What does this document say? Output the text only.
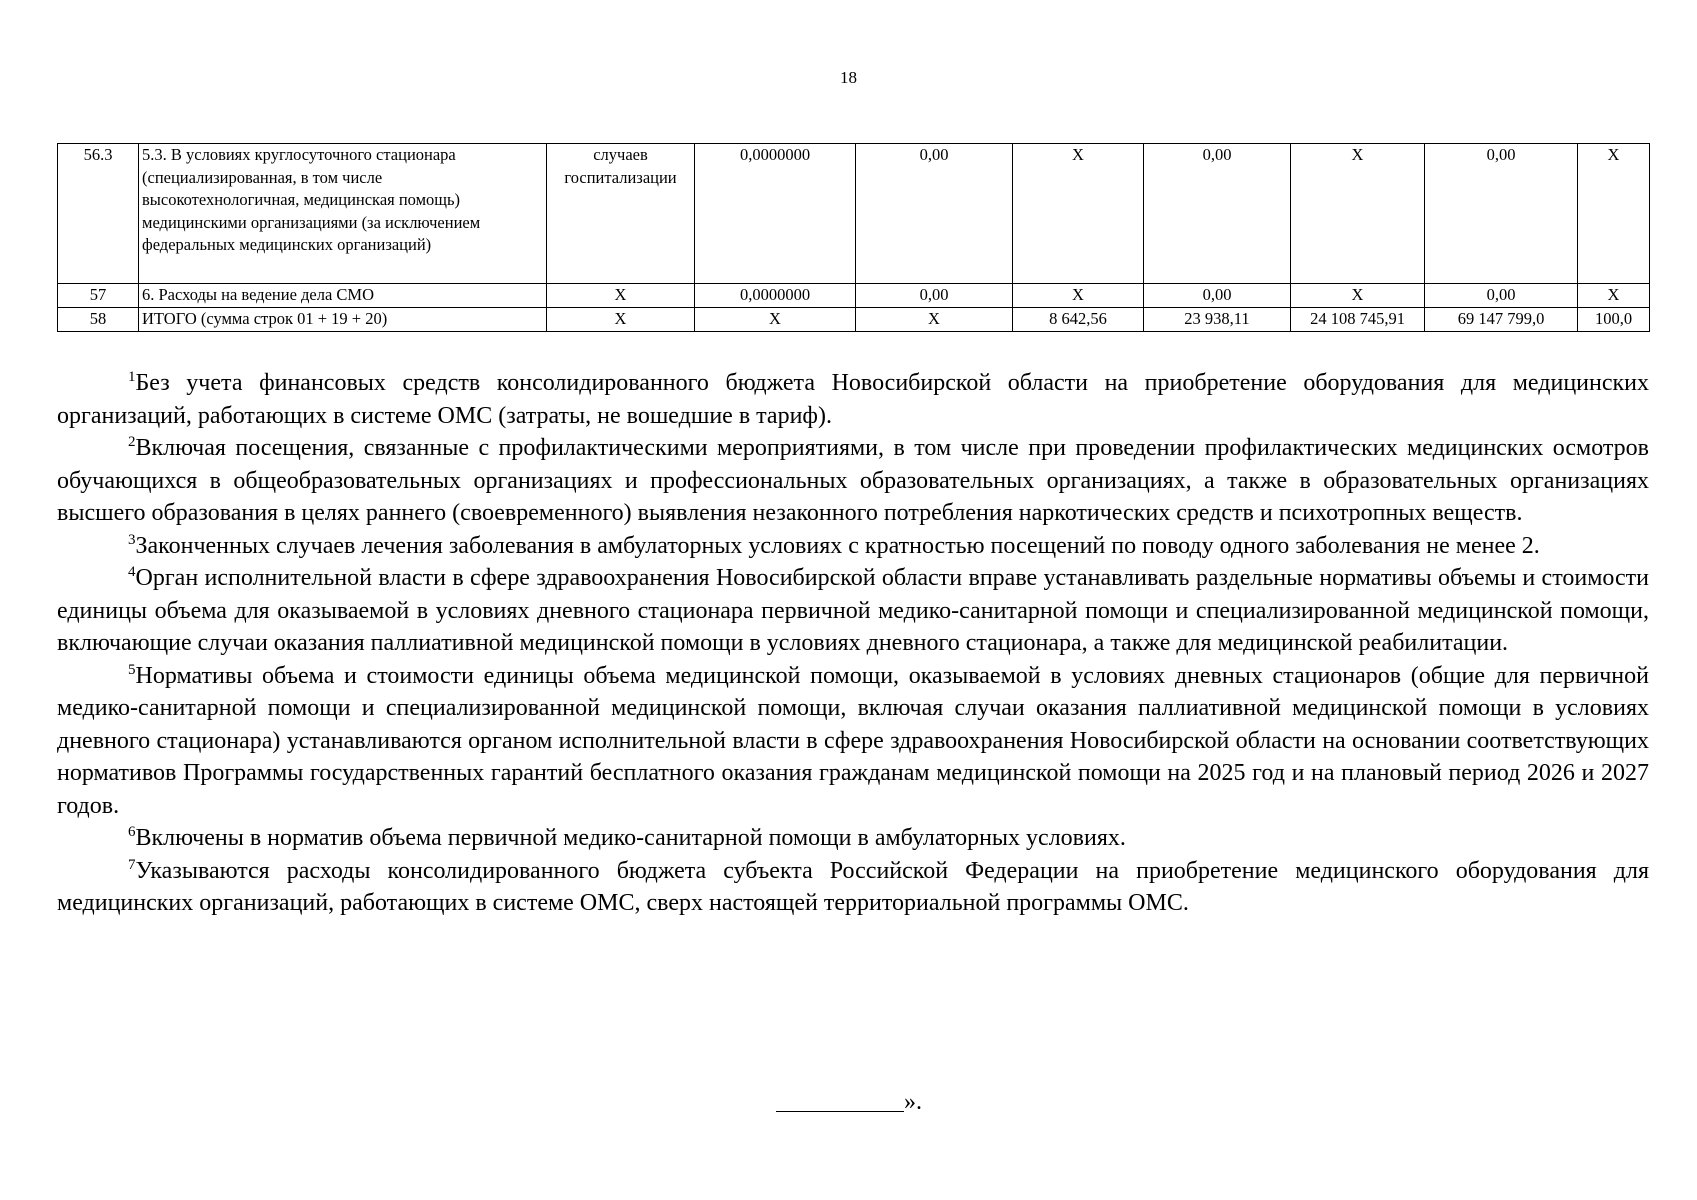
18
56.3	5.3. В условиях круглосуточного стационара (специализированная, в том числе высокотехнологичная, медицинская помощь) медицинскими организациями (за исключением федеральных медицинских организаций)	случаев госпитализации	0,0000000	0,00	X	0,00	X	0,00	X
57	6. Расходы на ведение дела СМО	X	0,0000000	0,00	X	0,00	X	0,00	X
58	ИТОГО (сумма строк 01 + 19 + 20)	X	X	X	8 642,56	23 938,11	24 108 745,91	69 147 799,0	100,0

$^1$Без учета финансовых средств консолидированного бюджета Новосибирской области на приобретение оборудования для медицинских организаций, работающих в системе ОМС (затраты, не вошедшие в тариф).

$^2$Включая посещения, связанные с профилактическими мероприятиями, в том числе при проведении профилактических медицинских осмотров обучающихся в общеобразовательных организациях и профессиональных образовательных организациях, а также в образовательных организациях высшего образования в целях раннего (своевременного) выявления незаконного потребления наркотических средств и психотропных веществ.

$^3$Законченных случаев лечения заболевания в амбулаторных условиях с кратностью посещений по поводу одного заболевания не менее 2.

$^4$Орган исполнительной власти в сфере здравоохранения Новосибирской области вправе устанавливать раздельные нормативы объемы и стоимости единицы объема для оказываемой в условиях дневного стационара первичной медико-санитарной помощи и специализированной медицинской помощи, включающие случаи оказания паллиативной медицинской помощи в условиях дневного стационара, а также для медицинской реабилитации.

$^5$Нормативы объема и стоимости единицы объема медицинской помощи, оказываемой в условиях дневных стационаров (общие для первичной медико-санитарной помощи и специализированной медицинской помощи, включая случаи оказания паллиативной медицинской помощи в условиях дневного стационара) устанавливаются органом исполнительной власти в сфере здравоохранения Новосибирской области на основании соответствующих нормативов Программы государственных гарантий бесплатного оказания гражданам медицинской помощи на 2025 год и на плановый период 2026 и 2027 годов.

$^6$Включены в норматив объема первичной медико-санитарной помощи в амбулаторных условиях.

$^7$Указываются расходы консолидированного бюджета субъекта Российской Федерации на приобретение медицинского оборудования для медицинских организаций, работающих в системе ОМС, сверх настоящей территориальной программы ОМС.

».
